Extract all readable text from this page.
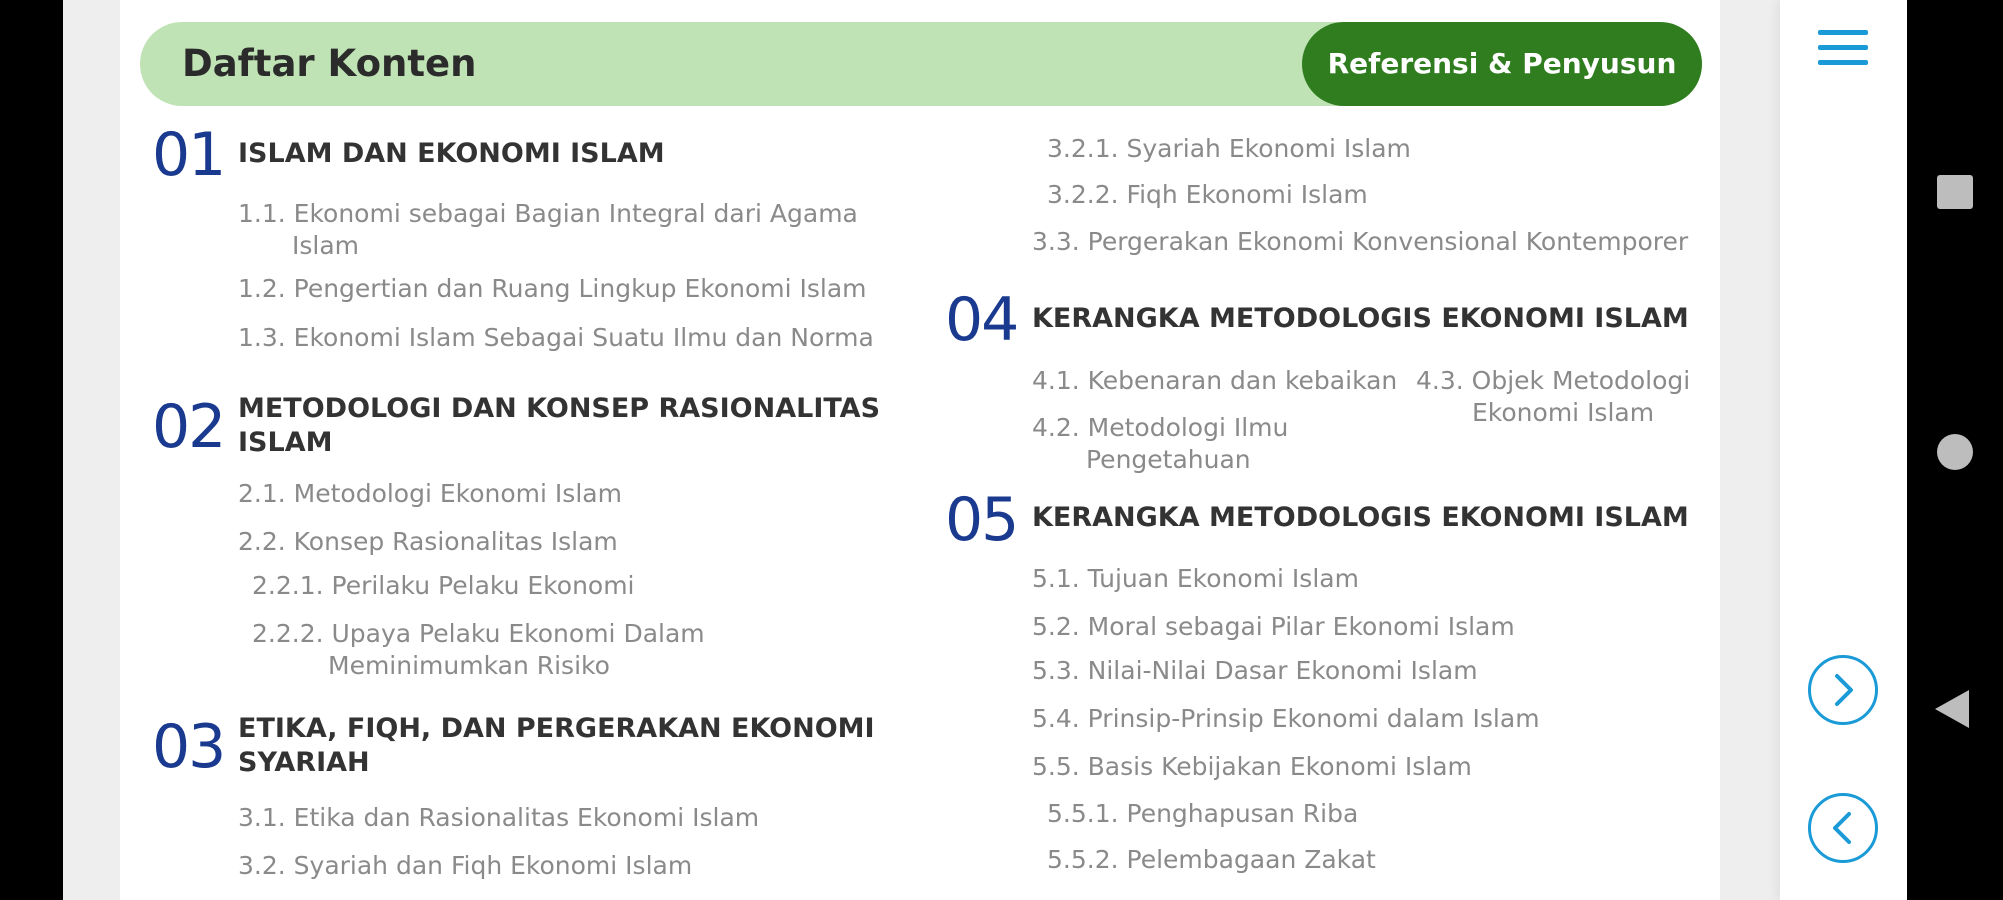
Daftar Konten	Referensi & Penyusun
01 ISLAM DAN EKONOMI ISLAM
1.1. Ekonomi sebagai Bagian Integral dari Agama
Islam
1.2. Pengertian dan Ruang Lingkup Ekonomi Islam
1.3. Ekonomi Islam Sebagai Suatu Ilmu dan Norma
02 METODOLOGI DAN KONSEP RASIONALITAS
ISLAM
2.1. Metodologi Ekonomi Islam
2.2. Konsep Rasionalitas Islam
2.2.1. Perilaku Pelaku Ekonomi
2.2.2. Upaya Pelaku Ekonomi Dalam
Meminimumkan Risiko
03 ETIKA, FIQH, DAN PERGERAKAN EKONOMI
SYARIAH
3.1. Etika dan Rasionalitas Ekonomi Islam
3.2. Syariah dan Fiqh Ekonomi Islam
3.2.1. Syariah Ekonomi Islam
3.2.2. Fiqh Ekonomi Islam
3.3. Pergerakan Ekonomi Konvensional Kontemporer
04 KERANGKA METODOLOGIS EKONOMI ISLAM
4.1. Kebenaran dan kebaikan
4.2. Metodologi Ilmu
Pengetahuan
4.3. Objek Metodologi
Ekonomi Islam
05 KERANGKA METODOLOGIS EKONOMI ISLAM
5.1. Tujuan Ekonomi Islam
5.2. Moral sebagai Pilar Ekonomi Islam
5.3. Nilai-Nilai Dasar Ekonomi Islam
5.4. Prinsip-Prinsip Ekonomi dalam Islam
5.5. Basis Kebijakan Ekonomi Islam
5.5.1. Penghapusan Riba
5.5.2. Pelembagaan Zakat
